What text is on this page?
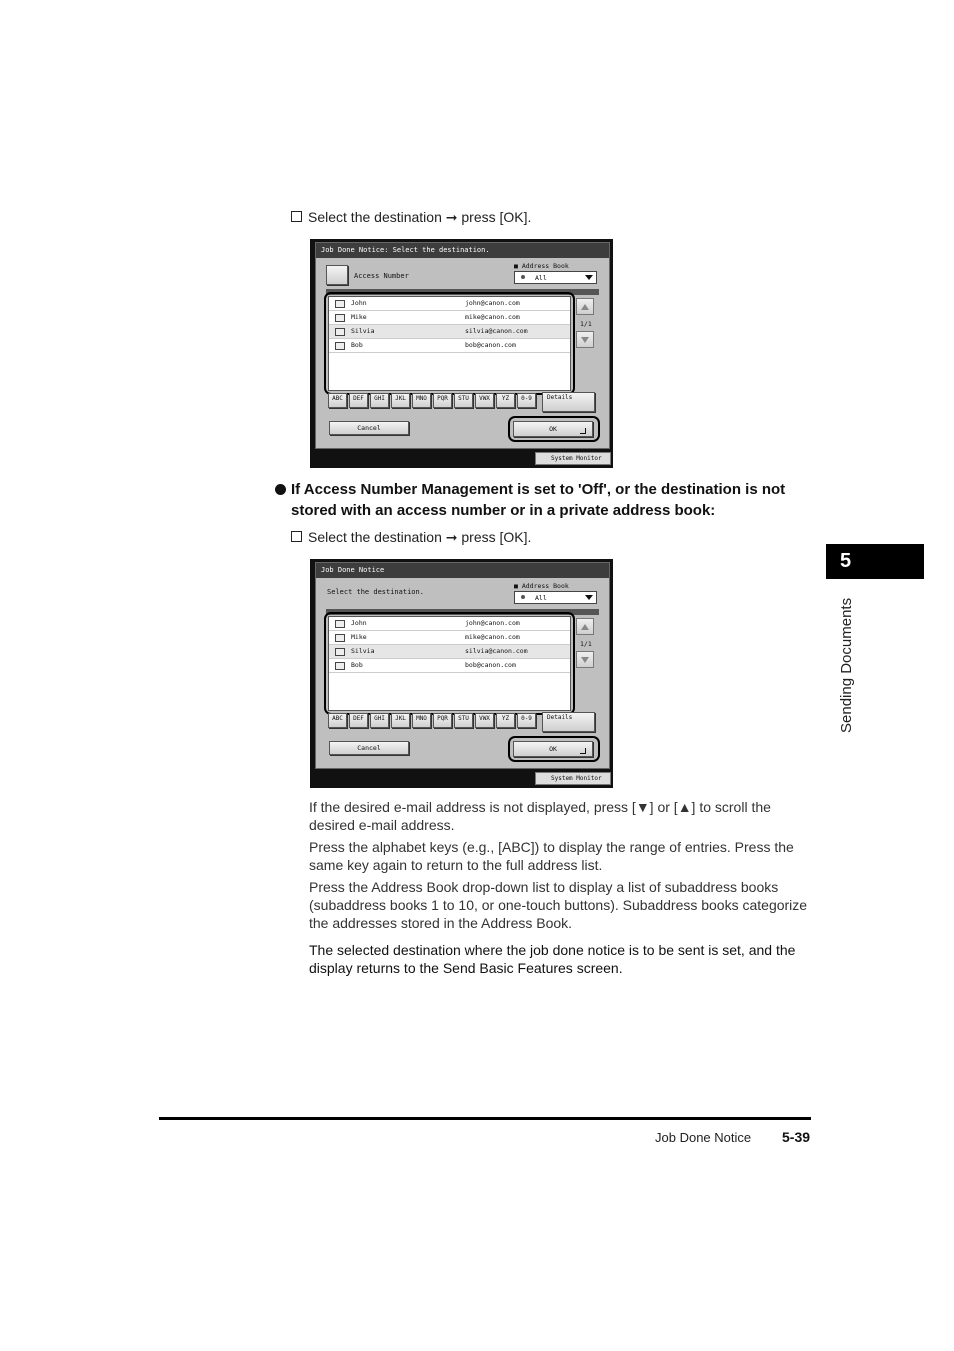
Select the destination ➞ press [OK].
Job Done Notice: Select the destination.
Access Number
■ Address Book
All
John	john@canon.com
Mike	mike@canon.com
Silvia	silvia@canon.com
Bob	bob@canon.com
1/1
ABC	DEF	GHI	JKL	MNO	PQR	STU	VWX	YZ	0-9	Details
Cancel	OK
System Monitor
If Access Number Management is set to 'Off', or the destination is not stored with an access number or in a private address book:
Select the destination ➞ press [OK].
Job Done Notice
Select the destination.
■ Address Book
All
John	john@canon.com
Mike	mike@canon.com
Silvia	silvia@canon.com
Bob	bob@canon.com
1/1
ABC	DEF	GHI	JKL	MNO	PQR	STU	VWX	YZ	0-9	Details
Cancel	OK
System Monitor
If the desired e-mail address is not displayed, press [▼] or [▲] to scroll the desired e-mail address.
Press the alphabet keys (e.g., [ABC]) to display the range of entries. Press the same key again to return to the full address list.
Press the Address Book drop-down list to display a list of subaddress books (subaddress books 1 to 10, or one-touch buttons). Subaddress books categorize the addresses stored in the Address Book.
The selected destination where the job done notice is to be sent is set, and the display returns to the Send Basic Features screen.
5
Sending Documents
Job Done Notice 5-39
